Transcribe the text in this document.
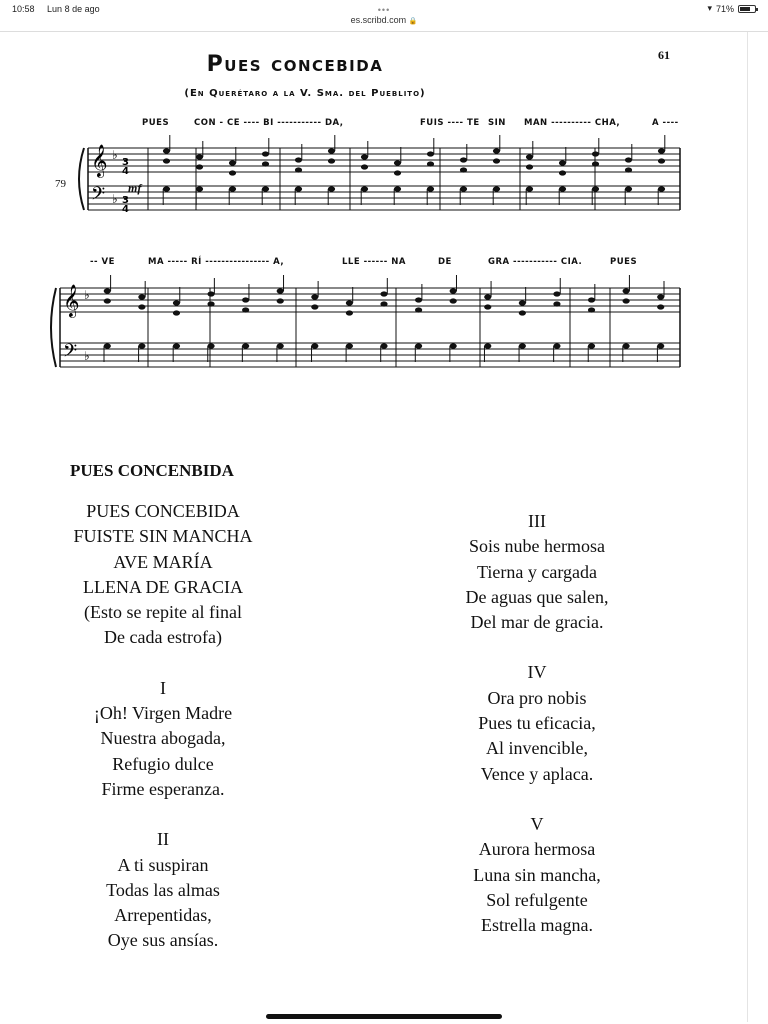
10:58 Lun 8 de ago	▾ 71%
•••
es.scribd.com 🔒
Pues concebida
(En Querétaro a la V. Sma. del Pueblito)
61
𝄞
𝄢
♭
♭
3
4
3
4
𝄞
𝄢
♭
♭
PUES	CON - CE ---- BI ----------- DA,	FUIS ---- TE SIN MAN ---------- CHA,	A ----
-- VE	MA ----- RÍ ---------------- A,	LLE ------ NA	DE	GRA ----------- CIA.	PUES
79	mf
PUES CONCENBIDA
PUES CONCEBIDA
FUISTE SIN MANCHA
AVE MARÍA
LLENA DE GRACIA
(Esto se repite al final
De cada estrofa)
I
¡Oh! Virgen Madre
Nuestra abogada,
Refugio dulce
Firme esperanza.
II
A ti suspiran
Todas las almas
Arrepentidas,
Oye sus ansías.
III
Sois nube hermosa
Tierna y cargada
De aguas que salen,
Del mar de gracia.
IV
Ora pro nobis
Pues tu eficacia,
Al invencible,
Vence y aplaca.
V
Aurora hermosa
Luna sin mancha,
Sol refulgente
Estrella magna.
